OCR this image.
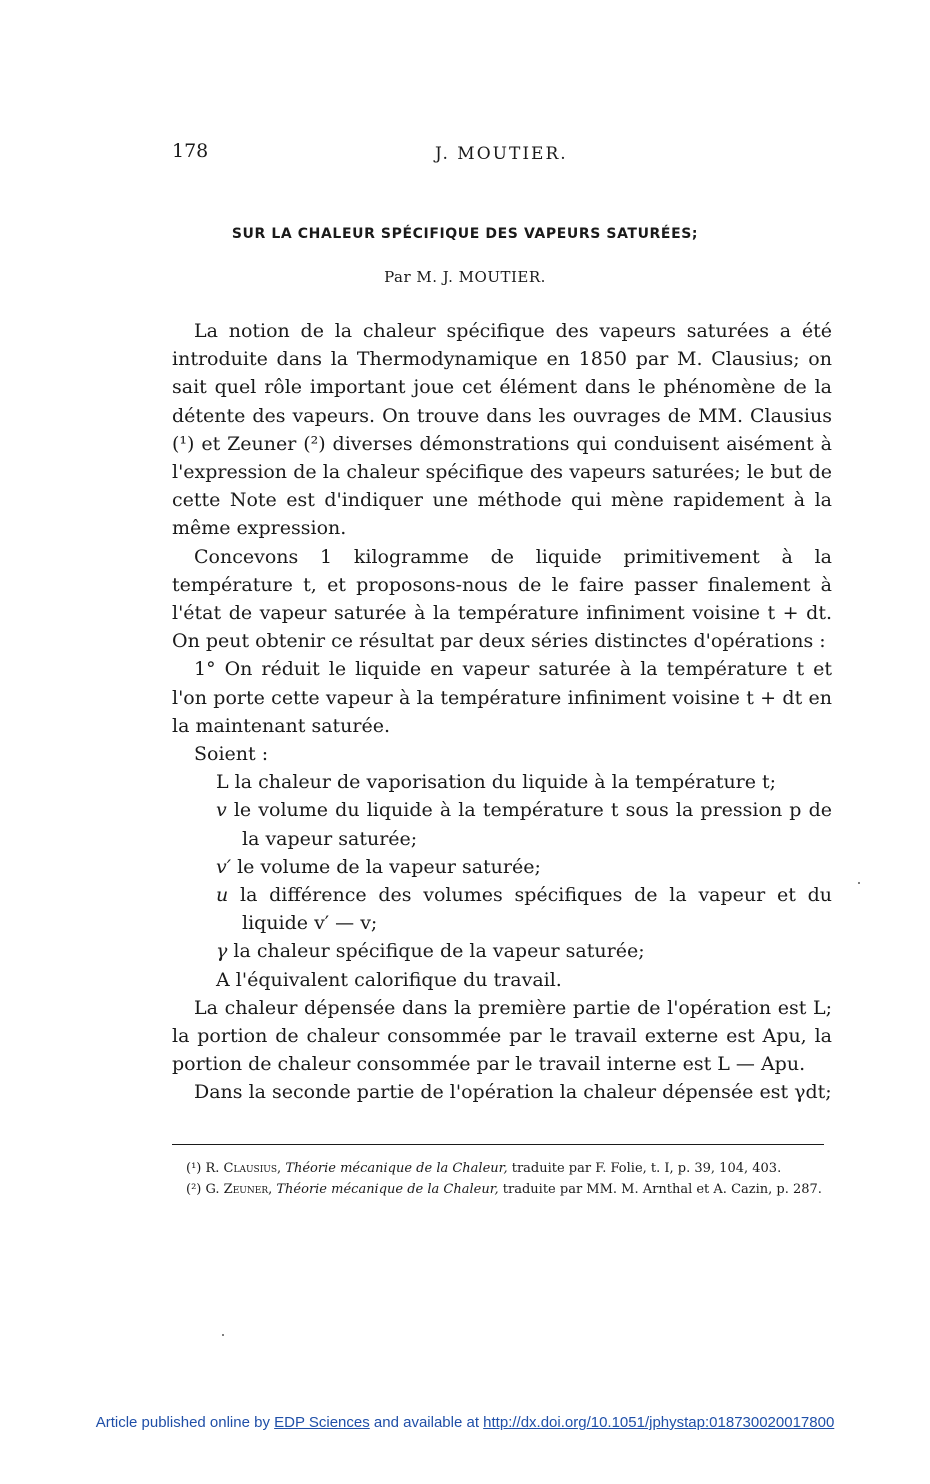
178	J. MOUTIER.
SUR LA CHALEUR SPÉCIFIQUE DES VAPEURS SATURÉES;
Par M. J. MOUTIER.

La notion de la chaleur spécifique des vapeurs saturées a été introduite dans la Thermodynamique en 1850 par M. Clausius; on sait quel rôle important joue cet élément dans le phénomène de la détente des vapeurs. On trouve dans les ouvrages de MM. Clausius (¹) et Zeuner (²) diverses démonstrations qui conduisent aisément à l'expression de la chaleur spécifique des vapeurs saturées; le but de cette Note est d'indiquer une méthode qui mène rapidement à la même expression.

Concevons 1 kilogramme de liquide primitivement à la température t, et proposons-nous de le faire passer finalement à l'état de vapeur saturée à la température infiniment voisine t + dt. On peut obtenir ce résultat par deux séries distinctes d'opérations :

1° On réduit le liquide en vapeur saturée à la température t et l'on porte cette vapeur à la température infiniment voisine t + dt en la maintenant saturée.

Soient :

L la chaleur de vaporisation du liquide à la température t;

v le volume du liquide à la température t sous la pression p de la vapeur saturée;

v′ le volume de la vapeur saturée;

u la différence des volumes spécifiques de la vapeur et du liquide v′ — v;

γ la chaleur spécifique de la vapeur saturée;

A l'équivalent calorifique du travail.

La chaleur dépensée dans la première partie de l'opération est L; la portion de chaleur consommée par le travail externe est Apu, la portion de chaleur consommée par le travail interne est L — Apu.

Dans la seconde partie de l'opération la chaleur dépensée est γdt;

(¹) R. Clausius, Théorie mécanique de la Chaleur, traduite par F. Folie, t. I, p. 39, 104, 403.

(²) G. Zeuner, Théorie mécanique de la Chaleur, traduite par MM. M. Arnthal et A. Cazin, p. 287.

Article published online by EDP Sciences and available at http://dx.doi.org/10.1051/jphystap:018730020017800
